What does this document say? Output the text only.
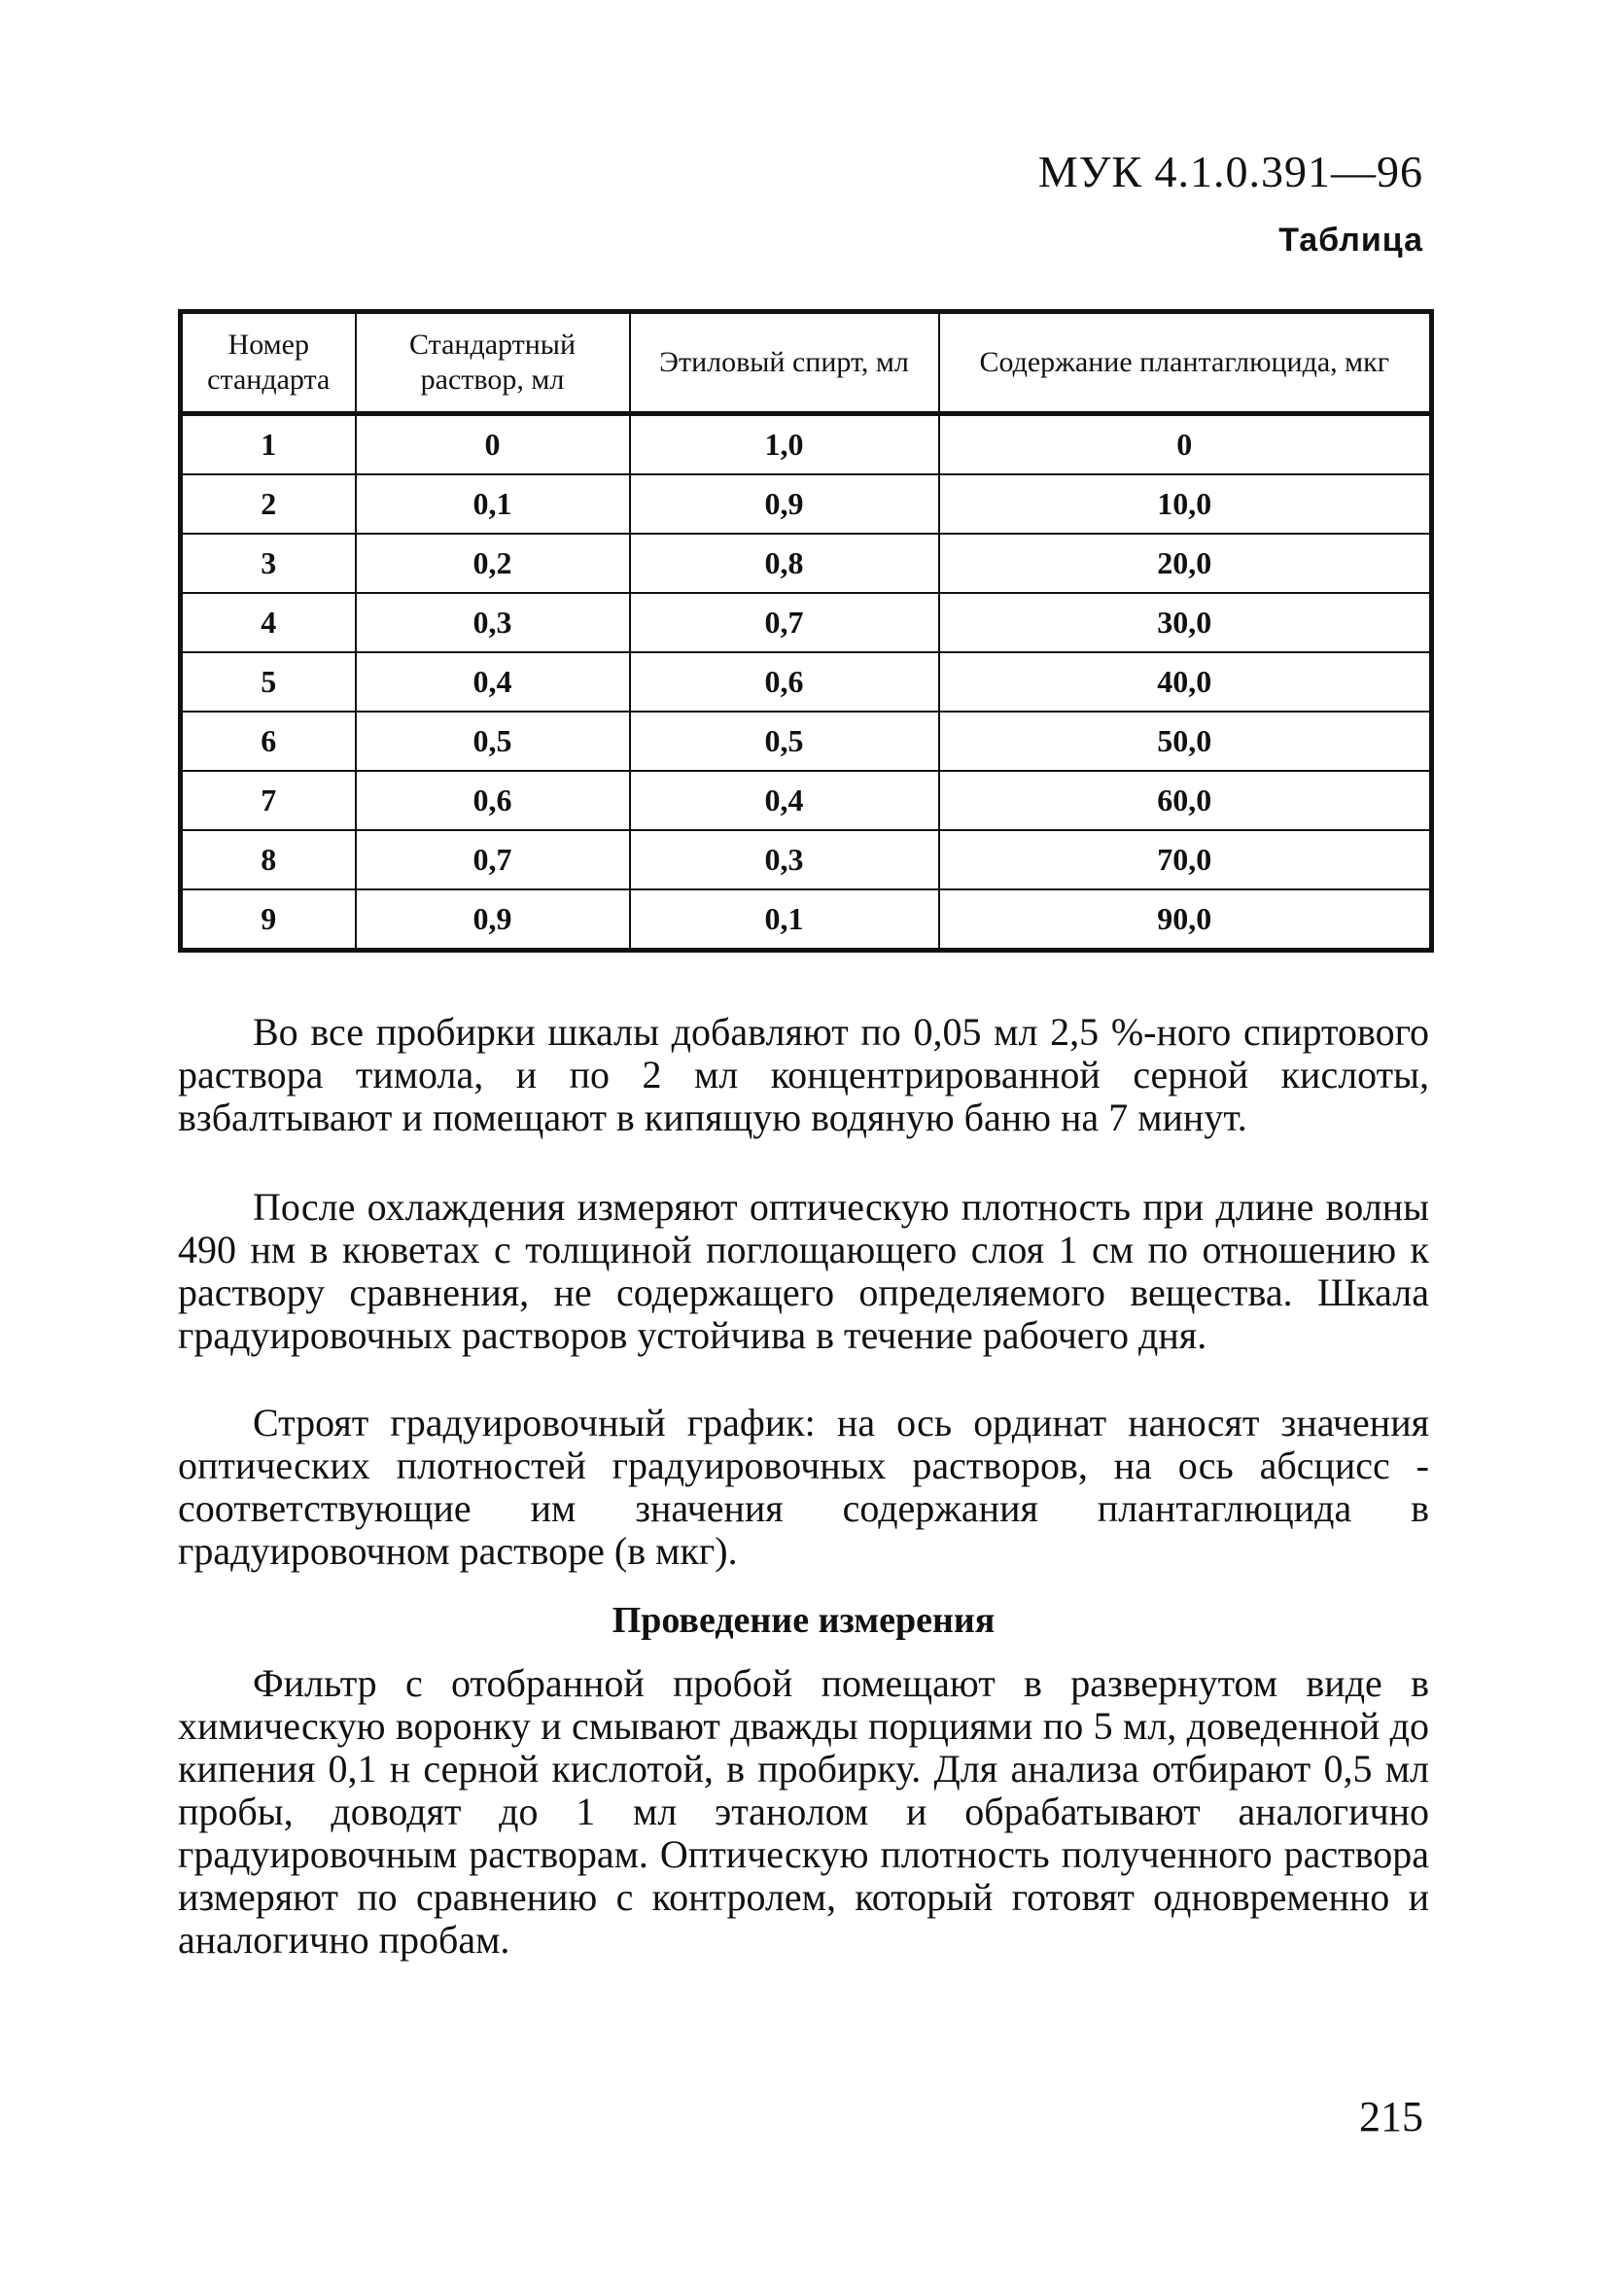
МУК 4.1.0.391—96
Таблица
Номер стандарта	Стандартный раствор, мл	Этиловый спирт, мл	Содержание плантаглюцида, мкг
1	0	1,0	0
2	0,1	0,9	10,0
3	0,2	0,8	20,0
4	0,3	0,7	30,0
5	0,4	0,6	40,0
6	0,5	0,5	50,0
7	0,6	0,4	60,0
8	0,7	0,3	70,0
9	0,9	0,1	90,0

Во все пробирки шкалы добавляют по 0,05 мл 2,5 %-ного спиртового раствора тимола, и по 2 мл концентрированной серной кислоты, взбалтывают и помещают в кипящую водяную баню на 7 минут.

После охлаждения измеряют оптическую плотность при длине волны 490 нм в кюветах с толщиной поглощающего слоя 1 см по отношению к раствору сравнения, не содержащего определяемого вещества. Шкала градуировочных растворов устойчива в течение рабочего дня.

Строят градуировочный график: на ось ординат наносят значения оптических плотностей градуировочных растворов, на ось абсцисс - соответствующие им значения содержания плантаглюцида в градуировочном растворе (в мкг).

Проведение измерения

Фильтр с отобранной пробой помещают в развернутом виде в химическую воронку и смывают дважды порциями по 5 мл, доведенной до кипения 0,1 н серной кислотой, в пробирку. Для анализа отбирают 0,5 мл пробы, доводят до 1 мл этанолом и обрабатывают аналогично градуировочным растворам. Оптическую плотность полученного раствора измеряют по сравнению с контролем, который готовят одновременно и аналогично пробам.

215
